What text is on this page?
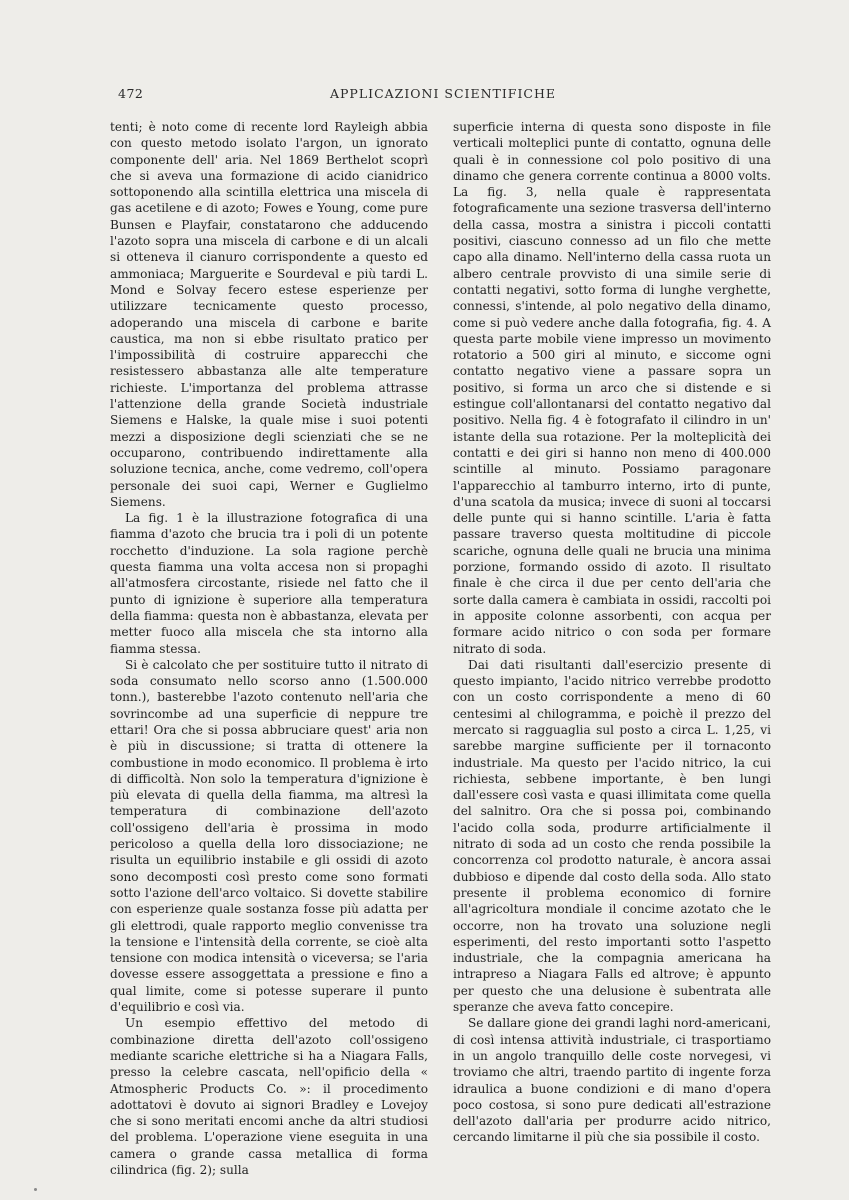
472	APPLICAZIONI SCIENTIFICHE

tenti; è noto come di recente lord Rayleigh abbia con questo metodo isolato l'argon, un ignorato componente dell' aria. Nel 1869 Berthelot scoprì che si aveva una formazione di acido cianidrico sottoponendo alla scintilla elettrica una miscela di gas acetilene e di azoto; Fowes e Young, come pure Bunsen e Playfair, constatarono che adducendo l'azoto sopra una miscela di carbone e di un alcali si otteneva il cianuro corrispondente a questo ed ammoniaca; Marguerite e Sourdeval e più tardi L. Mond e Solvay fecero estese esperienze per utilizzare tecnicamente questo processo, adoperando una miscela di carbone e barite caustica, ma non si ebbe risultato pratico per l'impossibilità di costruire apparecchi che resistessero abbastanza alle alte temperature richieste. L'importanza del problema attrasse l'attenzione della grande Società industriale Siemens e Halske, la quale mise i suoi potenti mezzi a disposizione degli scienziati che se ne occuparono, contribuendo indirettamente alla soluzione tecnica, anche, come vedremo, coll'opera personale dei suoi capi, Werner e Guglielmo Siemens.

La fig. 1 è la illustrazione fotografica di una fiamma d'azoto che brucia tra i poli di un potente rocchetto d'induzione. La sola ragione perchè questa fiamma una volta accesa non si propaghi all'atmosfera circostante, risiede nel fatto che il punto di ignizione è superiore alla temperatura della fiamma: questa non è abbastanza, elevata per metter fuoco alla miscela che sta intorno alla fiamma stessa.

Si è calcolato che per sostituire tutto il nitrato di soda consumato nello scorso anno (1.500.000 tonn.), basterebbe l'azoto contenuto nell'aria che sovrincombe ad una superficie di neppure tre ettari! Ora che si possa abbruciare quest' aria non è più in discussione; si tratta di ottenere la combustione in modo economico. Il problema è irto di difficoltà. Non solo la temperatura d'ignizione è più elevata di quella della fiamma, ma altresì la temperatura di combinazione dell'azoto coll'ossigeno dell'aria è prossima in modo pericoloso a quella della loro dissociazione; ne risulta un equilibrio instabile e gli ossidi di azoto sono decomposti così presto come sono formati sotto l'azione dell'arco voltaico. Si dovette stabilire con esperienze quale sostanza fosse più adatta per gli elettrodi, quale rapporto meglio convenisse tra la tensione e l'intensità della corrente, se cioè alta tensione con modica intensità o viceversa; se l'aria dovesse essere assoggettata a pressione e fino a qual limite, come si potesse superare il punto d'equilibrio e così via.

Un esempio effettivo del metodo di combinazione diretta dell'azoto coll'ossigeno mediante scariche elettriche si ha a Niagara Falls, presso la celebre cascata, nell'opificio della « Atmospheric Products Co. »: il procedimento adottatovi è dovuto ai signori Bradley e Lovejoy che si sono meritati encomi anche da altri studiosi del problema. L'operazione viene eseguita in una camera o grande cassa metallica di forma cilindrica (fig. 2); sulla

superficie interna di questa sono disposte in file verticali molteplici punte di contatto, ognuna delle quali è in connessione col polo positivo di una dinamo che genera corrente continua a 8000 volts. La fig. 3, nella quale è rappresentata fotograficamente una sezione trasversa dell'interno della cassa, mostra a sinistra i piccoli contatti positivi, ciascuno connesso ad un filo che mette capo alla dinamo. Nell'interno della cassa ruota un albero centrale provvisto di una simile serie di contatti negativi, sotto forma di lunghe verghette, connessi, s'intende, al polo negativo della dinamo, come si può vedere anche dalla fotografia, fig. 4. A questa parte mobile viene impresso un movimento rotatorio a 500 giri al minuto, e siccome ogni contatto negativo viene a passare sopra un positivo, si forma un arco che si distende e si estingue coll'allontanarsi del contatto negativo dal positivo. Nella fig. 4 è fotografato il cilindro in un' istante della sua rotazione. Per la molteplicità dei contatti e dei giri si hanno non meno di 400.000 scintille al minuto. Possiamo paragonare l'apparecchio al tamburro interno, irto di punte, d'una scatola da musica; invece di suoni al toccarsi delle punte qui si hanno scintille. L'aria è fatta passare traverso questa moltitudine di piccole scariche, ognuna delle quali ne brucia una minima porzione, formando ossido di azoto. Il risultato finale è che circa il due per cento dell'aria che sorte dalla camera è cambiata in ossidi, raccolti poi in apposite colonne assorbenti, con acqua per formare acido nitrico o con soda per formare nitrato di soda.

Dai dati risultanti dall'esercizio presente di questo impianto, l'acido nitrico verrebbe prodotto con un costo corrispondente a meno di 60 centesimi al chilogramma, e poichè il prezzo del mercato si ragguaglia sul posto a circa L. 1,25, vi sarebbe margine sufficiente per il tornaconto industriale. Ma questo per l'acido nitrico, la cui richiesta, sebbene importante, è ben lungi dall'essere così vasta e quasi illimitata come quella del salnitro. Ora che si possa poi, combinando l'acido colla soda, produrre artificialmente il nitrato di soda ad un costo che renda possibile la concorrenza col prodotto naturale, è ancora assai dubbioso e dipende dal costo della soda. Allo stato presente il problema economico di fornire all'agricoltura mondiale il concime azotato che le occorre, non ha trovato una soluzione negli esperimenti, del resto importanti sotto l'aspetto industriale, che la compagnia americana ha intrapreso a Niagara Falls ed altrove; è appunto per questo che una delusione è subentrata alle speranze che aveva fatto concepire.

Se dallare gione dei grandi laghi nord-americani, di così intensa attività industriale, ci trasportiamo in un angolo tranquillo delle coste norvegesi, vi troviamo che altri, traendo partito di ingente forza idraulica a buone condizioni e di mano d'opera poco costosa, si sono pure dedicati all'estrazione dell'azoto dall'aria per produrre acido nitrico, cercando limitarne il più che sia possibile il costo.
